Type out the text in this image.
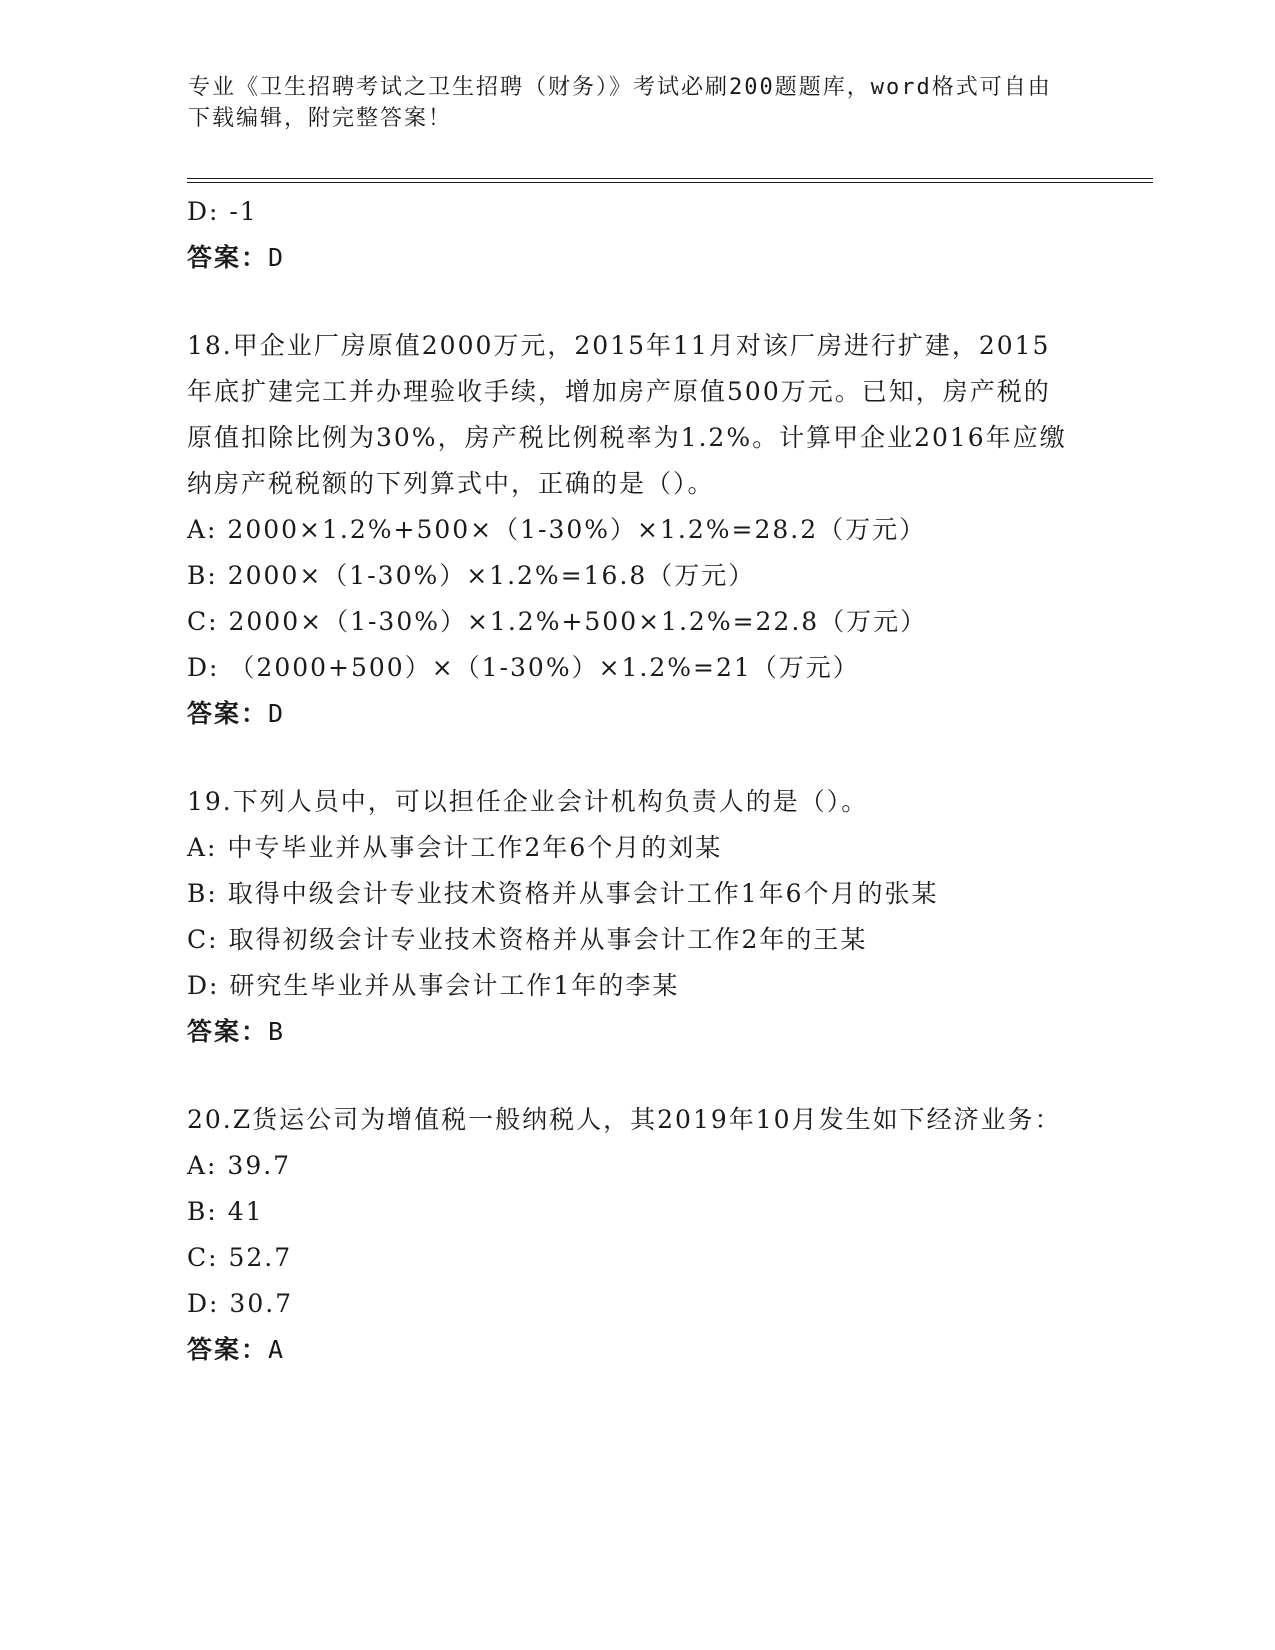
专业《卫生招聘考试之卫生招聘（财务）》考试必刷200题题库，word格式可自由下载编辑，附完整答案！
D: -1
答案：D
18.甲企业厂房原值2000万元，2015年11月对该厂房进行扩建，2015年底扩建完工并办理验收手续，增加房产原值500万元。已知，房产税的原值扣除比例为30%，房产税比例税率为1.2%。计算甲企业2016年应缴纳房产税税额的下列算式中，正确的是（）。
A: 2000×1.2%+500×（1-30%）×1.2%=28.2（万元）
B: 2000×（1-30%）×1.2%=16.8（万元）
C: 2000×（1-30%）×1.2%+500×1.2%=22.8（万元）
D: （2000+500）×（1-30%）×1.2%=21（万元）
答案：D
19.下列人员中，可以担任企业会计机构负责人的是（）。
A: 中专毕业并从事会计工作2年6个月的刘某
B: 取得中级会计专业技术资格并从事会计工作1年6个月的张某
C: 取得初级会计专业技术资格并从事会计工作2年的王某
D: 研究生毕业并从事会计工作1年的李某
答案：B
20.Z货运公司为增值税一般纳税人，其2019年10月发生如下经济业务：
A: 39.7
B: 41
C: 52.7
D: 30.7
答案：A
